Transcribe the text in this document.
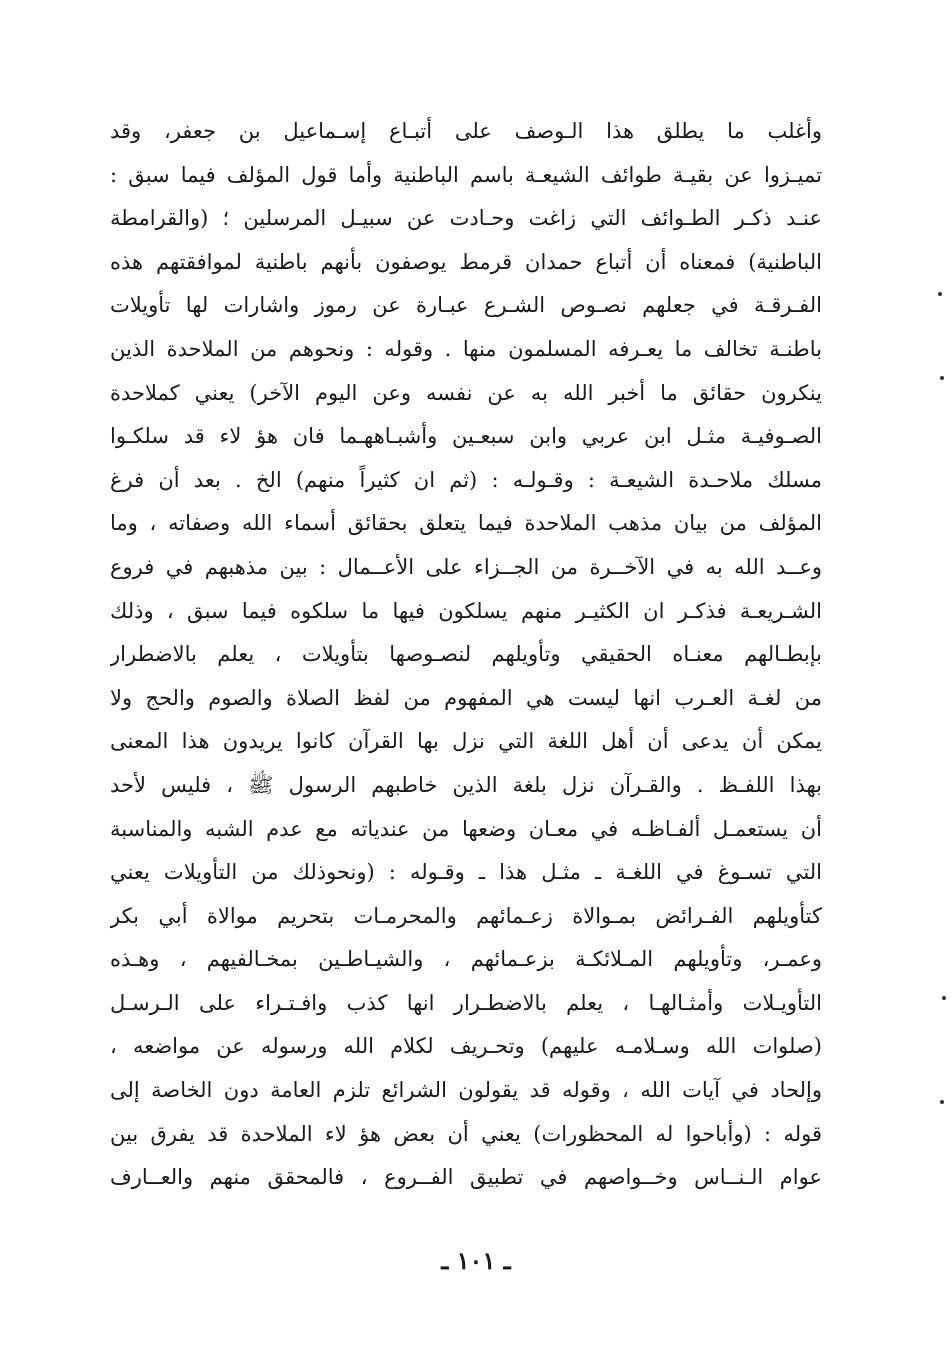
وأغلب ما يطلق هذا الـوصف على أتبـاع إسـماعيل بن جعفر، وقد
تميـزوا عن بقيـة طوائف الشيعـة باسم الباطنية وأما قول المؤلف فيما سبق :
عنـد ذكـر الطـوائف التي زاغت وحـادت عن سبيـل المرسلين ؛ (والقرامطة
الباطنية) فمعناه أن أتباع حمدان قرمط يوصفون بأنهم باطنية لموافقتهم هذه
الفـرقـة في جعلهم نصـوص الشـرع عبـارة عن رموز واشارات لها تأويلات
باطنـة تخالف ما يعـرفه المسلمون منها . وقوله : ونحوهم من الملاحدة الذين
ينكرون حقائق ما أخبر الله به عن نفسه وعن اليوم الآخر) يعني كملاحدة
الصـوفيـة مثـل ابن عربي وابن سبعـين وأشبـاههـما فان هؤ لاء قد سلكـوا
مسلك ملاحـدة الشيعـة : وقـولـه : (ثم ان كثيراً منهم) الخ . بعد أن فرغ
المؤلف من بيان مذهب الملاحدة فيما يتعلق بحقائق أسماء الله وصفاته ، وما
وعــد الله به في الآخــرة من الجــزاء على الأعــمال : بين مذهبهم في فروع
الشـريعـة فذكـر ان الكثيـر منهم يسلكون فيها ما سلكوه فيما سبق ، وذلك
بإبطـالهم معنـاه الحقيقي وتأويلهم لنصـوصها بتأويلات ، يعلم بالاضطرار
من لغـة العـرب انها ليست هي المفهوم من لفظ الصلاة والصوم والحج ولا
يمكن أن يدعى أن أهل اللغة التي نزل بها القرآن كانوا يريدون هذا المعنى
بهذا اللفـظ . والقـرآن نزل بلغة الذين خاطبهم الرسول ﷺ ، فليس لأحد
أن يستعمـل ألفـاظـه في معـان وضعها من عندياته مع عدم الشبه والمناسبة
التي تسـوغ في اللغـة ـ مثـل هذا ـ وقـوله : (ونحوذلك من التأويلات يعني
كتأويلهم الفـرائض بمـوالاة زعـمائهم والمحرمـات بتحريم موالاة أبي بكر
وعمـر، وتأويلهم المـلائكـة بزعـمائهم ، والشيـاطـين بمخـالفيهم ، وهـذه
التأويـلات وأمثـالهـا ، يعلم بالاضطـرار انها كذب وافـتـراء على الـرسـل
(صلوات الله وسـلامـه عليهم) وتحـريف لكلام الله ورسوله عن مواضعه ،
وإلحاد في آيات الله ، وقوله قد يقولون الشرائع تلزم العامة دون الخاصة إلى
قوله : (وأباحوا له المحظورات) يعني أن بعض هؤ لاء الملاحدة قد يفرق بين
عوام الـنــاس وخــواصهم في تطبيق الفــروع ، فالمحقق منهم والعــارف
ـ ١٠١ ـ
